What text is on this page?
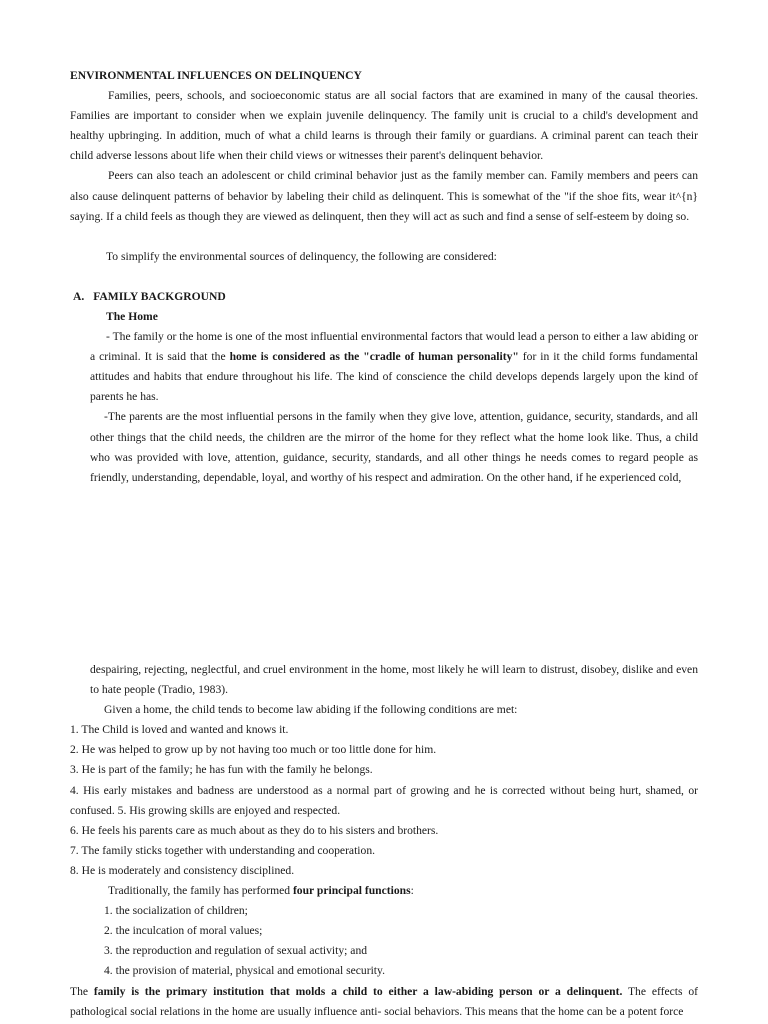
ENVIRONMENTAL INFLUENCES ON DELINQUENCY

Families, peers, schools, and socioeconomic status are all social factors that are examined in many of the causal theories. Families are important to consider when we explain juvenile delinquency. The family unit is crucial to a child's development and healthy upbringing. In addition, much of what a child learns is through their family or guardians. A criminal parent can teach their child adverse lessons about life when their child views or witnesses their parent's delinquent behavior.

Peers can also teach an adolescent or child criminal behavior just as the family member can. Family members and peers can also cause delinquent patterns of behavior by labeling their child as delinquent. This is somewhat of the "if the shoe fits, wear it^{n} saying. If a child feels as though they are viewed as delinquent, then they will act as such and find a sense of self-esteem by doing so.

To simplify the environmental sources of delinquency, the following are considered:

A. FAMILY BACKGROUND
The Home

- The family or the home is one of the most influential environmental factors that would lead a person to either a law abiding or a criminal. It is said that the home is considered as the "cradle of human personality" for in it the child forms fundamental attitudes and habits that endure throughout his life. The kind of conscience the child develops depends largely upon the kind of parents he has.

-The parents are the most influential persons in the family when they give love, attention, guidance, security, standards, and all other things that the child needs, the children are the mirror of the home for they reflect what the home look like. Thus, a child who was provided with love, attention, guidance, security, standards, and all other things he needs comes to regard people as friendly, understanding, dependable, loyal, and worthy of his respect and admiration. On the other hand, if he experienced cold,

despairing, rejecting, neglectful, and cruel environment in the home, most likely he will learn to distrust, disobey, dislike and even to hate people (Tradio, 1983).

Given a home, the child tends to become law abiding if the following conditions are met:

1. The Child is loved and wanted and knows it.

2. He was helped to grow up by not having too much or too little done for him.

3. He is part of the family; he has fun with the family he belongs.

4. His early mistakes and badness are understood as a normal part of growing and he is corrected without being hurt, shamed, or confused. 5. His growing skills are enjoyed and respected.

6. He feels his parents care as much about as they do to his sisters and brothers.

7. The family sticks together with understanding and cooperation.

8. He is moderately and consistency disciplined.

Traditionally, the family has performed four principal functions:

1. the socialization of children;

2. the inculcation of moral values;

3. the reproduction and regulation of sexual activity; and

4. the provision of material, physical and emotional security.

The family is the primary institution that molds a child to either a law-abiding person or a delinquent. The effects of pathological social relations in the home are usually influence anti- social behaviors. This means that the home can be a potent force
